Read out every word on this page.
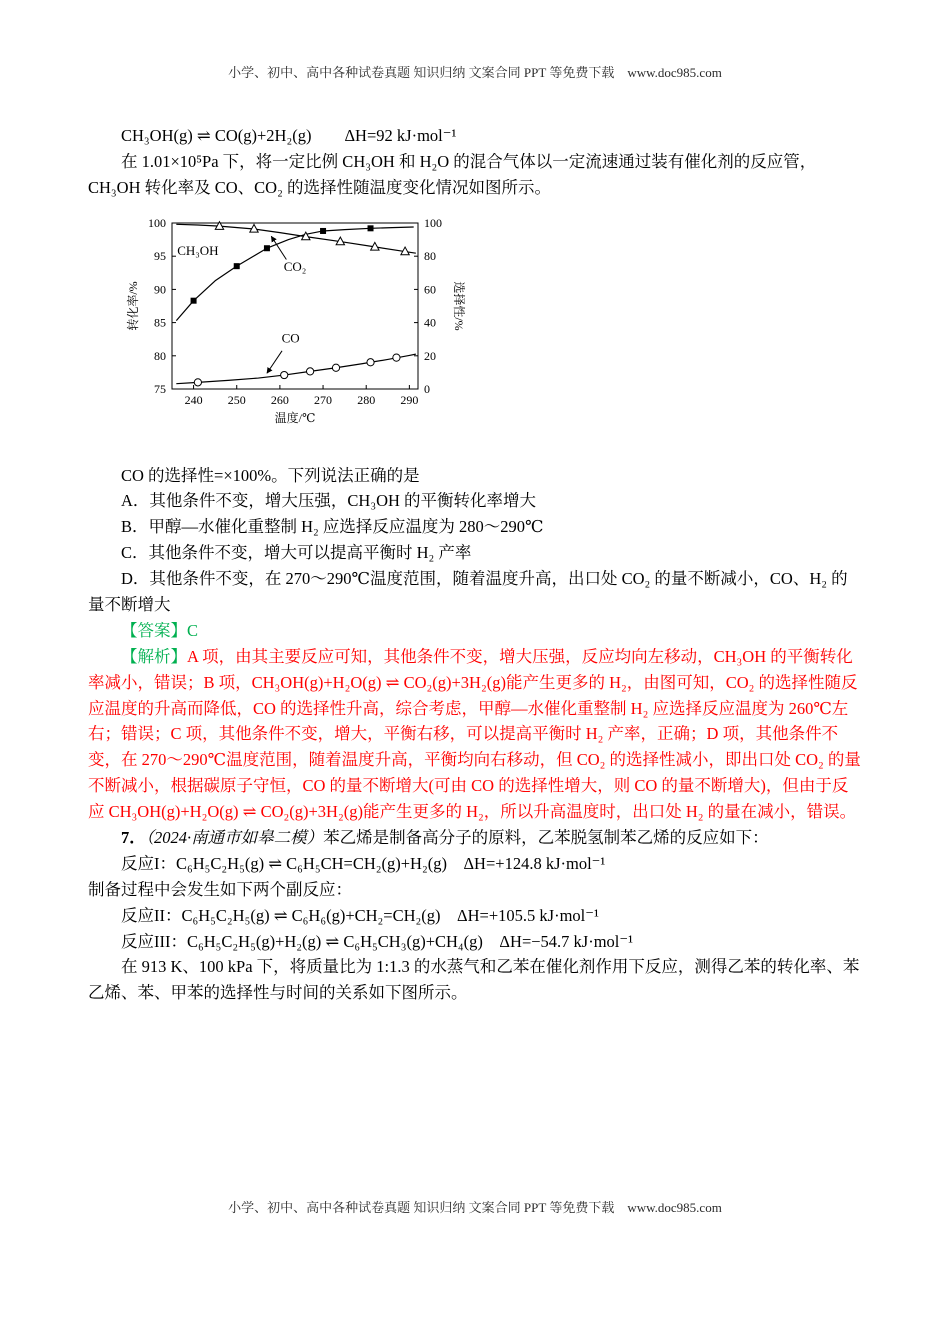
小学、初中、高中各种试卷真题 知识归纳 文案合同 PPT 等免费下载　www.doc985.com

CH₃OH(g) ⇌ CO(g)+2H₂(g)　　ΔH=92 kJ·mol⁻¹

在 1.01×10⁵Pa 下，将一定比例 CH₃OH 和 H₂O 的混合气体以一定流速通过装有催化剂的反应管，CH₃OH 转化率及 CO、CO₂ 的选择性随温度变化情况如图所示。

240 250 260 270 280 290
75
80
85
90
95
100
0
20
40
60
80
100
转化率/%	选择性/%
温度/℃
CH₃OH
CO₂
CO

CO 的选择性=×100%。下列说法正确的是

A．其他条件不变，增大压强，CH₃OH 的平衡转化率增大

B．甲醇—水催化重整制 H₂ 应选择反应温度为 280～290℃

C．其他条件不变，增大可以提高平衡时 H₂ 产率

D．其他条件不变，在 270～290℃温度范围，随着温度升高，出口处 CO₂ 的量不断减小，CO、H₂ 的量不断增大

【答案】C

【解析】A 项，由其主要反应可知，其他条件不变，增大压强，反应均向左移动，CH₃OH 的平衡转化率减小，错误；B 项，CH₃OH(g)+H₂O(g) ⇌ CO₂(g)+3H₂(g)能产生更多的 H₂，由图可知，CO₂ 的选择性随反应温度的升高而降低，CO 的选择性升高，综合考虑，甲醇—水催化重整制 H₂ 应选择反应温度为 260℃左右；错误；C 项，其他条件不变，增大，平衡右移，可以提高平衡时 H₂ 产率，正确；D 项，其他条件不变，在 270～290℃温度范围，随着温度升高，平衡均向右移动，但 CO₂ 的选择性减小，即出口处 CO₂ 的量不断减小，根据碳原子守恒，CO 的量不断增大(可由 CO 的选择性增大，则 CO 的量不断增大)，但由于反应 CH₃OH(g)+H₂O(g) ⇌ CO₂(g)+3H₂(g)能产生更多的 H₂，所以升高温度时，出口处 H₂ 的量在减小，错误。

7．（2024·南通市如皋二模）苯乙烯是制备高分子的原料，乙苯脱氢制苯乙烯的反应如下：

反应I：C₆H₅C₂H₅(g) ⇌ C₆H₅CH=CH₂(g)+H₂(g)　ΔH=+124.8 kJ·mol⁻¹

制备过程中会发生如下两个副反应：

反应II：C₆H₅C₂H₅(g) ⇌ C₆H₆(g)+CH₂=CH₂(g)　ΔH=+105.5 kJ·mol⁻¹

反应III：C₆H₅C₂H₅(g)+H₂(g) ⇌ C₆H₅CH₃(g)+CH₄(g)　ΔH=−54.7 kJ·mol⁻¹

在 913 K、100 kPa 下，将质量比为 1:1.3 的水蒸气和乙苯在催化剂作用下反应，测得乙苯的转化率、苯乙烯、苯、甲苯的选择性与时间的关系如下图所示。

小学、初中、高中各种试卷真题 知识归纳 文案合同 PPT 等免费下载　www.doc985.com
